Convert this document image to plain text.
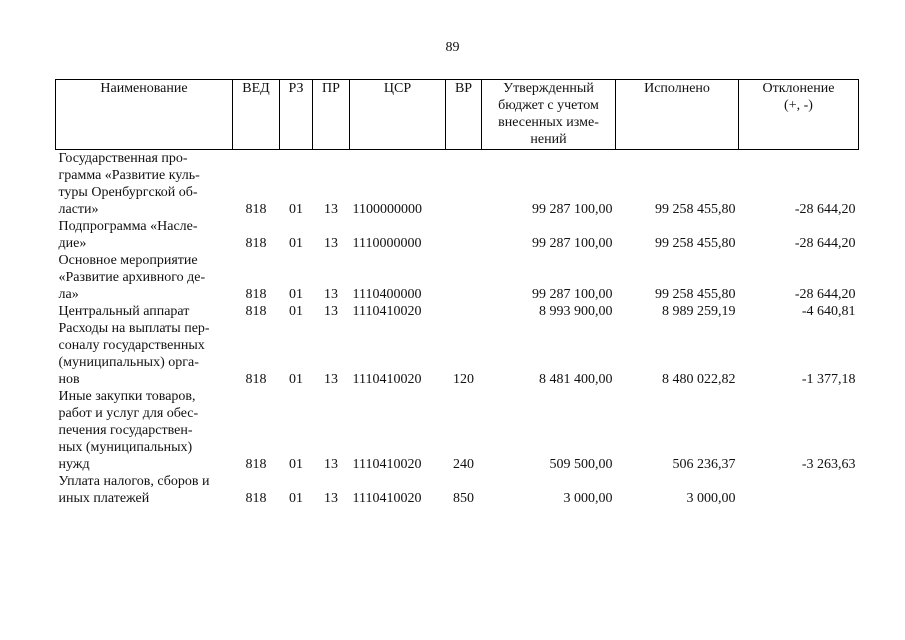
89
Наименование	ВЕД	РЗ	ПР	ЦСР	ВР	Утвержденный
бюджет с учетом
внесенных изме-
нений	Исполнено	Отклонение
(+, -)

Государственная про-
грамма «Развитие куль-
туры Оренбургской об-
ласти»	818	01	13	1100000000		99 287 100,00	99 258 455,80	-28 644,20

Подпрограмма «Насле-
дие»	818	01	13	1110000000		99 287 100,00	99 258 455,80	-28 644,20

Основное мероприятие
«Развитие архивного де-
ла»	818	01	13	1110400000		99 287 100,00	99 258 455,80	-28 644,20

Центральный аппарат	818	01	13	1110410020		8 993 900,00	8 989 259,19	-4 640,81

Расходы на выплаты пер-
соналу государственных
(муниципальных) орга-
нов	818	01	13	1110410020	120	8 481 400,00	8 480 022,82	-1 377,18

Иные закупки товаров,
работ и услуг для обес-
печения государствен-
ных (муниципальных)
нужд	818	01	13	1110410020	240	509 500,00	506 236,37	-3 263,63

Уплата налогов, сборов и
иных платежей	818	01	13	1110410020	850	3 000,00	3 000,00	
